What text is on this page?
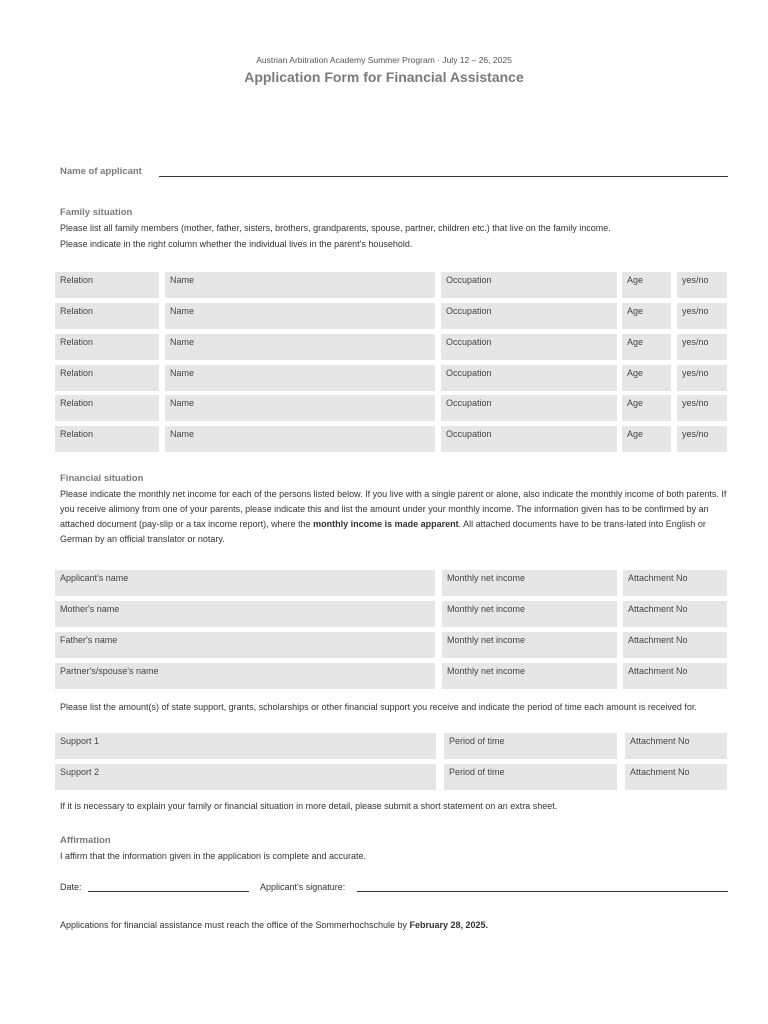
Austrian Arbitration Academy Summer Program · July 12 – 26, 2025
Application Form for Financial Assistance
Name of applicant
Family situation
Please list all family members (mother, father, sisters, brothers, grandparents, spouse, partner, children etc.) that live on the family income.
Please indicate in the right column whether the individual lives in the parent's household.
Relation	Name	Occupation	Age	yes/no
Relation	Name	Occupation	Age	yes/no
Relation	Name	Occupation	Age	yes/no
Relation	Name	Occupation	Age	yes/no
Relation	Name	Occupation	Age	yes/no
Relation	Name	Occupation	Age	yes/no
Financial situation
Please indicate the monthly net income for each of the persons listed below. If you live with a single parent or alone, also indicate the monthly income of both parents. If you receive alimony from one of your parents, please indicate this and list the amount under your monthly income. The information given has to be confirmed by an attached document (pay-slip or a tax income report), where the monthly income is made apparent. All attached documents have to be trans-lated into English or German by an official translator or notary.
Applicant's name	Monthly net income	Attachment No
Mother's name	Monthly net income	Attachment No
Father's name	Monthly net income	Attachment No
Partner's/spouse's name	Monthly net income	Attachment No
Please list the amount(s) of state support, grants, scholarships or other financial support you receive and indicate the period of time each amount is received for.
Support 1	Period of time	Attachment No
Support 2	Period of time	Attachment No
If it is necessary to explain your family or financial situation in more detail, please submit a short statement on an extra sheet.
Affirmation
I affirm that the information given in the application is complete and accurate.
Date:	Applicant's signature:
Applications for financial assistance must reach the office of the Sommerhochschule by February 28, 2025.
